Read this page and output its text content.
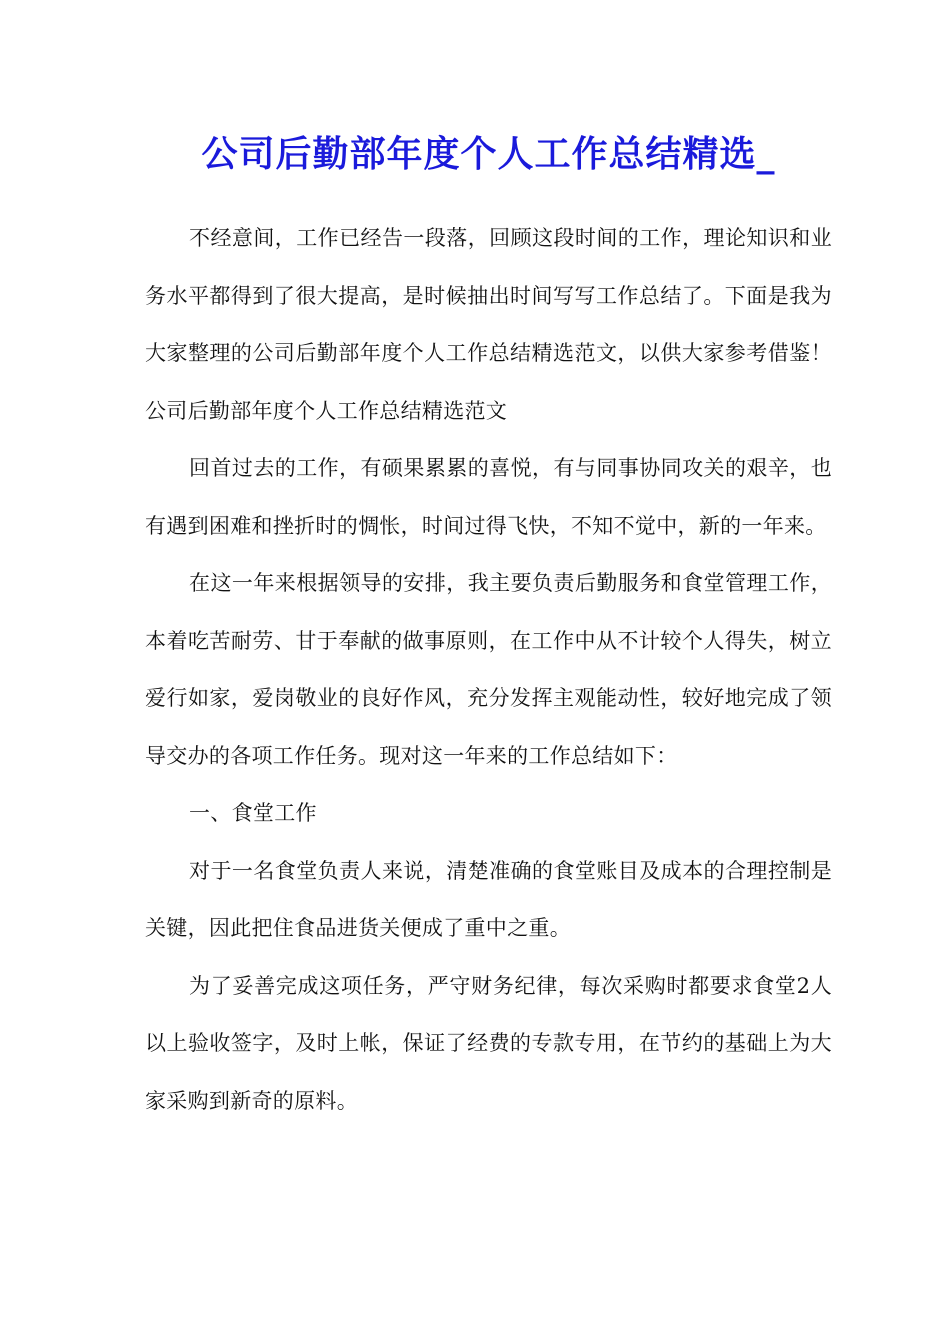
公司后勤部年度个人工作总结精选_

不经意间，工作已经告一段落，回顾这段时间的工作，理论知识和业务水平都得到了很大提高，是时候抽出时间写写工作总结了。下面是我为大家整理的公司后勤部年度个人工作总结精选范文，以供大家参考借鉴！公司后勤部年度个人工作总结精选范文

回首过去的工作，有硕果累累的喜悦，有与同事协同攻关的艰辛，也有遇到困难和挫折时的惆怅，时间过得飞快，不知不觉中，新的一年来。

在这一年来根据领导的安排，我主要负责后勤服务和食堂管理工作，本着吃苦耐劳、甘于奉献的做事原则，在工作中从不计较个人得失，树立爱行如家，爱岗敬业的良好作风，充分发挥主观能动性，较好地完成了领导交办的各项工作任务。现对这一年来的工作总结如下：

一、食堂工作

对于一名食堂负责人来说，清楚准确的食堂账目及成本的合理控制是关键，因此把住食品进货关便成了重中之重。

为了妥善完成这项任务，严守财务纪律，每次采购时都要求食堂2人以上验收签字，及时上帐，保证了经费的专款专用，在节约的基础上为大家采购到新奇的原料。
